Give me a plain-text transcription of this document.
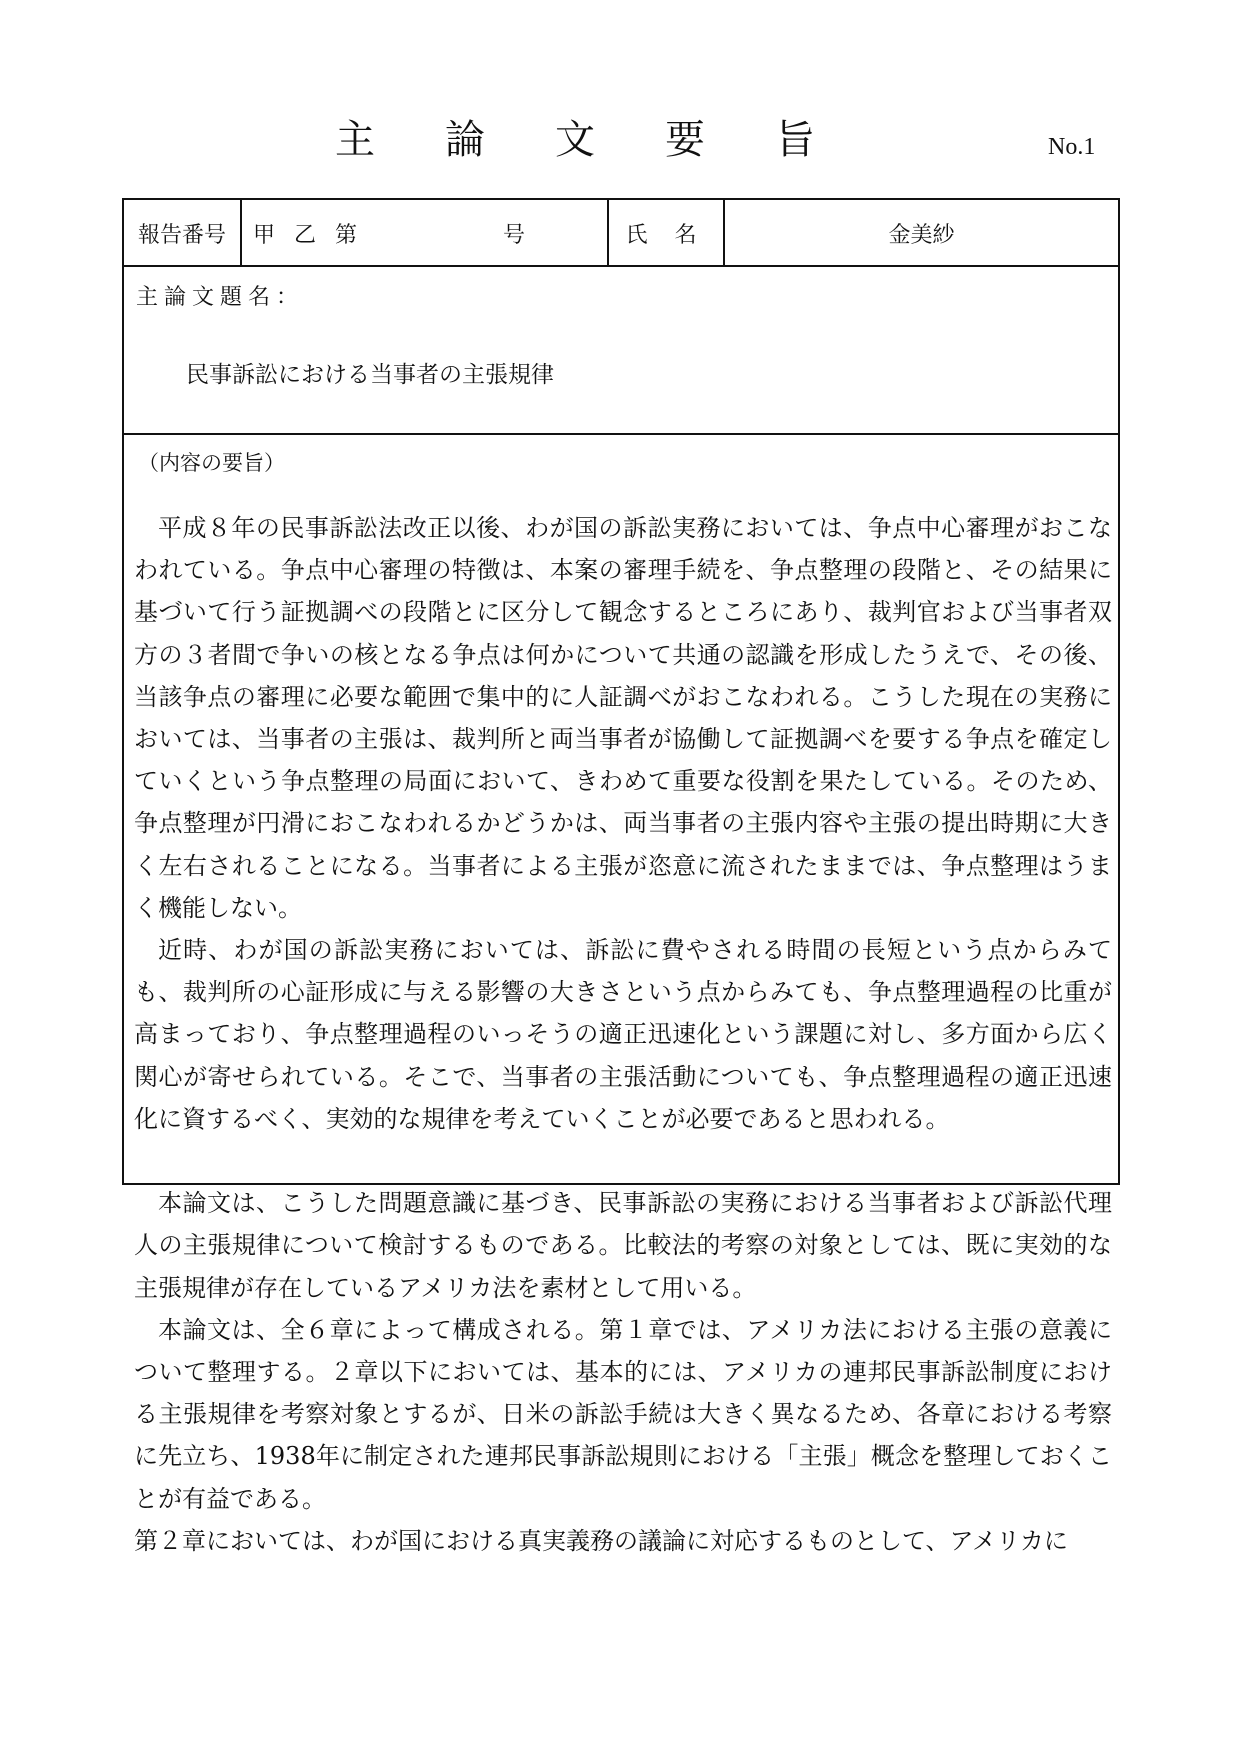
主論文要旨	No.1
報告番号	甲 乙 第　　　　　号	氏 名	金美紗
主論文題名：
民事訴訟における当事者の主張規律
（内容の要旨）

平成８年の民事訴訟法改正以後、わが国の訴訟実務においては、争点中心審理がおこなわれている。争点中心審理の特徴は、本案の審理手続を、争点整理の段階と、その結果に基づいて行う証拠調べの段階とに区分して観念するところにあり、裁判官および当事者双方の３者間で争いの核となる争点は何かについて共通の認識を形成したうえで、その後、当該争点の審理に必要な範囲で集中的に人証調べがおこなわれる。こうした現在の実務においては、当事者の主張は、裁判所と両当事者が協働して証拠調べを要する争点を確定していくという争点整理の局面において、きわめて重要な役割を果たしている。そのため、争点整理が円滑におこなわれるかどうかは、両当事者の主張内容や主張の提出時期に大きく左右されることになる。当事者による主張が恣意に流されたままでは、争点整理はうまく機能しない。

近時、わが国の訴訟実務においては、訴訟に費やされる時間の長短という点からみても、裁判所の心証形成に与える影響の大きさという点からみても、争点整理過程の比重が高まっており、争点整理過程のいっそうの適正迅速化という課題に対し、多方面から広く関心が寄せられている。そこで、当事者の主張活動についても、争点整理過程の適正迅速化に資するべく、実効的な規律を考えていくことが必要であると思われる。

本論文は、こうした問題意識に基づき、民事訴訟の実務における当事者および訴訟代理人の主張規律について検討するものである。比較法的考察の対象としては、既に実効的な主張規律が存在しているアメリカ法を素材として用いる。

本論文は、全６章によって構成される。第１章では、アメリカ法における主張の意義について整理する。２章以下においては、基本的には、アメリカの連邦民事訴訟制度における主張規律を考察対象とするが、日米の訴訟手続は大きく異なるため、各章における考察に先立ち、1938年に制定された連邦民事訴訟規則における「主張」概念を整理しておくことが有益である。

第２章においては、わが国における真実義務の議論に対応するものとして、アメリカに
